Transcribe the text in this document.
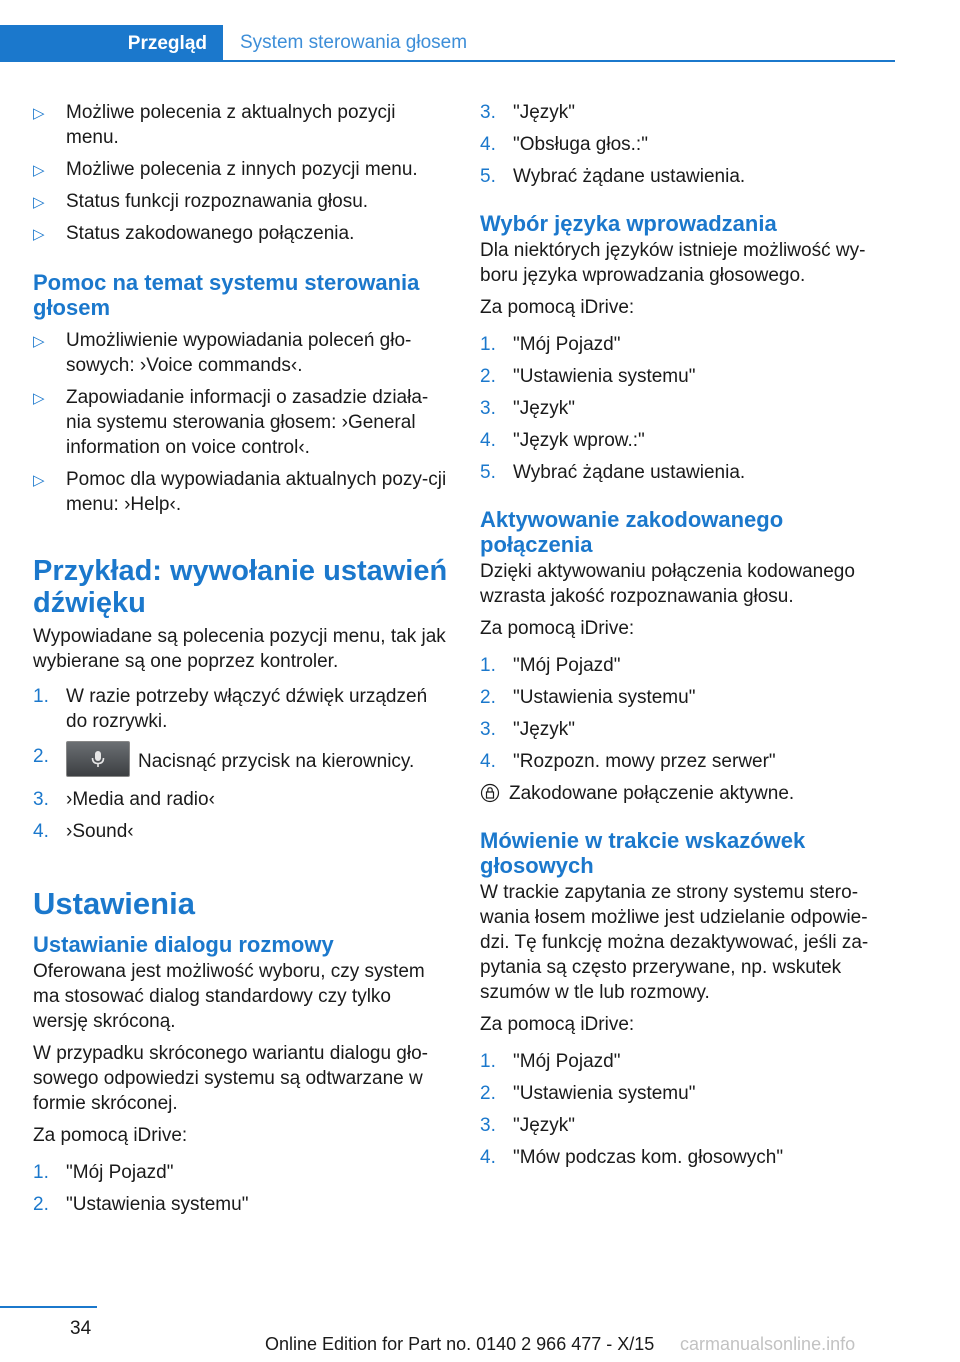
Przegląd	System sterowania głosem
▷ Możliwe polecenia z aktualnych pozycji menu.
▷ Możliwe polecenia z innych pozycji menu.
▷ Status funkcji rozpoznawania głosu.
▷ Status zakodowanego połączenia.
Pomoc na temat systemu sterowania głosem
▷ Umożliwienie wypowiadania poleceń gło-sowych: ›Voice commands‹.
▷ Zapowiadanie informacji o zasadzie działa-nia systemu sterowania głosem: ›General information on voice control‹.
▷ Pomoc dla wypowiadania aktualnych pozy-cji menu: ›Help‹.
Przykład: wywołanie ustawień dźwięku
Wypowiadane są polecenia pozycji menu, tak jak wybierane są one poprzez kontroler.
1. W razie potrzeby włączyć dźwięk urządzeń do rozrywki.
2.	Nacisnąć przycisk na kierownicy.
3. ›Media and radio‹
4. ›Sound‹
Ustawienia
Ustawianie dialogu rozmowy
Oferowana jest możliwość wyboru, czy system ma stosować dialog standardowy czy tylko wersję skróconą.
W przypadku skróconego wariantu dialogu gło-sowego odpowiedzi systemu są odtwarzane w formie skróconej.
Za pomocą iDrive:
1. "Mój Pojazd"
2. "Ustawienia systemu"
3. "Język"
4. "Obsługa głos.:"
5. Wybrać żądane ustawienia.
Wybór języka wprowadzania
Dla niektórych języków istnieje możliwość wy-boru języka wprowadzania głosowego.
Za pomocą iDrive:
1. "Mój Pojazd"
2. "Ustawienia systemu"
3. "Język"
4. "Język wprow.:"
5. Wybrać żądane ustawienia.
Aktywowanie zakodowanego połączenia
Dzięki aktywowaniu połączenia kodowanego wzrasta jakość rozpoznawania głosu.
Za pomocą iDrive:
1. "Mój Pojazd"
2. "Ustawienia systemu"
3. "Język"
4. "Rozpozn. mowy przez serwer"
Zakodowane połączenie aktywne.
Mówienie w trakcie wskazówek głosowych
W trackie zapytania ze strony systemu stero-wania łosem możliwe jest udzielanie odpowie-dzi. Tę funkcję można dezaktywować, jeśli za-pytania są często przerywane, np. wskutek szumów w tle lub rozmowy.
Za pomocą iDrive:
1. "Mój Pojazd"
2. "Ustawienia systemu"
3. "Język"
4. "Mów podczas kom. głosowych"
34
Online Edition for Part no. 0140 2 966 477 - X/15 carmanualsonline.info
